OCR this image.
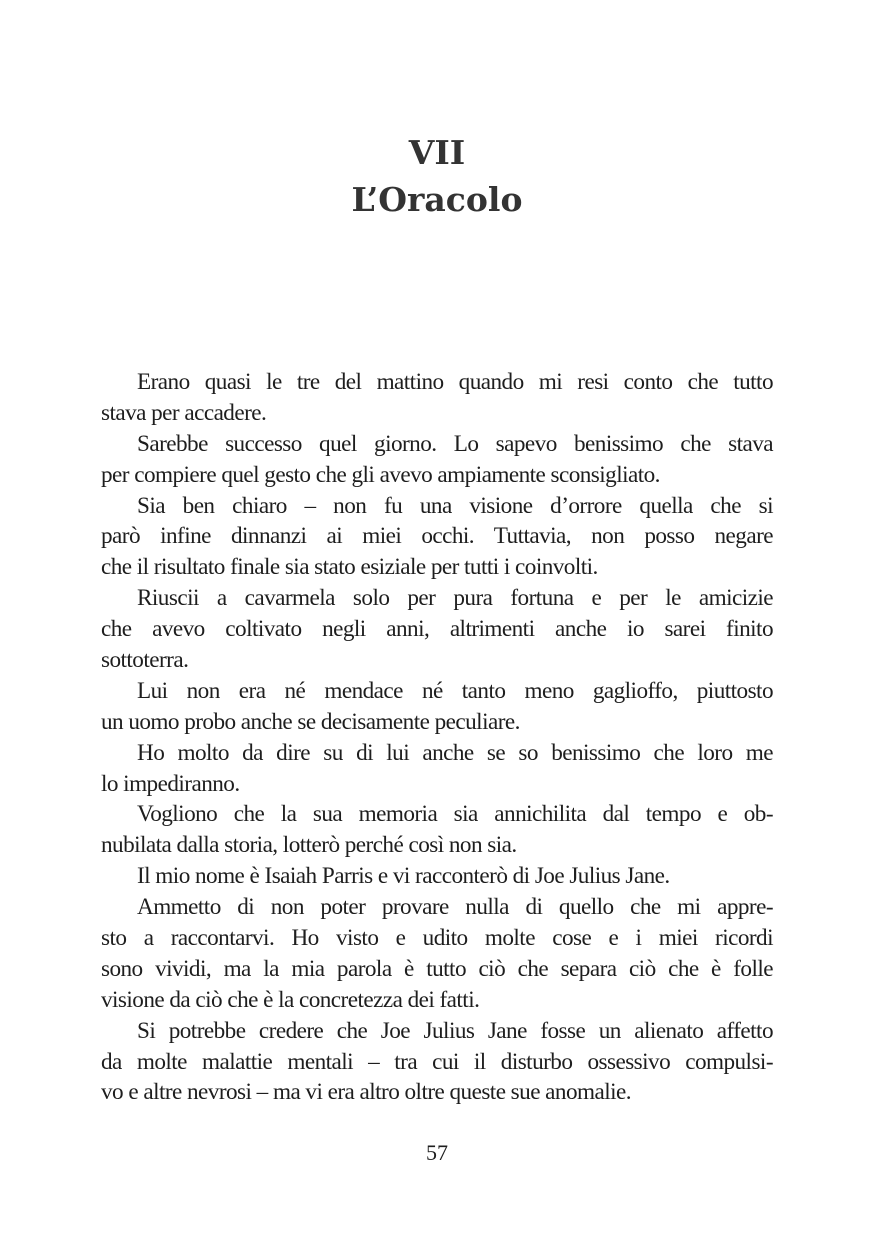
VII
L’Oracolo
Erano quasi le tre del mattino quando mi resi conto che tutto
stava per accadere.
Sarebbe successo quel giorno. Lo sapevo benissimo che stava
per compiere quel gesto che gli avevo ampiamente sconsigliato.
Sia ben chiaro – non fu una visione d’orrore quella che si
parò infine dinnanzi ai miei occhi. Tuttavia, non posso negare
che il risultato finale sia stato esiziale per tutti i coinvolti.
Riuscii a cavarmela solo per pura fortuna e per le amicizie
che avevo coltivato negli anni, altrimenti anche io sarei finito
sottoterra.
Lui non era né mendace né tanto meno gaglioffo, piuttosto
un uomo probo anche se decisamente peculiare.
Ho molto da dire su di lui anche se so benissimo che loro me
lo impediranno.
Vogliono che la sua memoria sia annichilita dal tempo e ob-
nubilata dalla storia, lotterò perché così non sia.
Il mio nome è Isaiah Parris e vi racconterò di Joe Julius Jane.
Ammetto di non poter provare nulla di quello che mi appre-
sto a raccontarvi. Ho visto e udito molte cose e i miei ricordi
sono vividi, ma la mia parola è tutto ciò che separa ciò che è folle
visione da ciò che è la concretezza dei fatti.
Si potrebbe credere che Joe Julius Jane fosse un alienato affetto
da molte malattie mentali – tra cui il disturbo ossessivo compulsi-
vo e altre nevrosi – ma vi era altro oltre queste sue anomalie.
57
